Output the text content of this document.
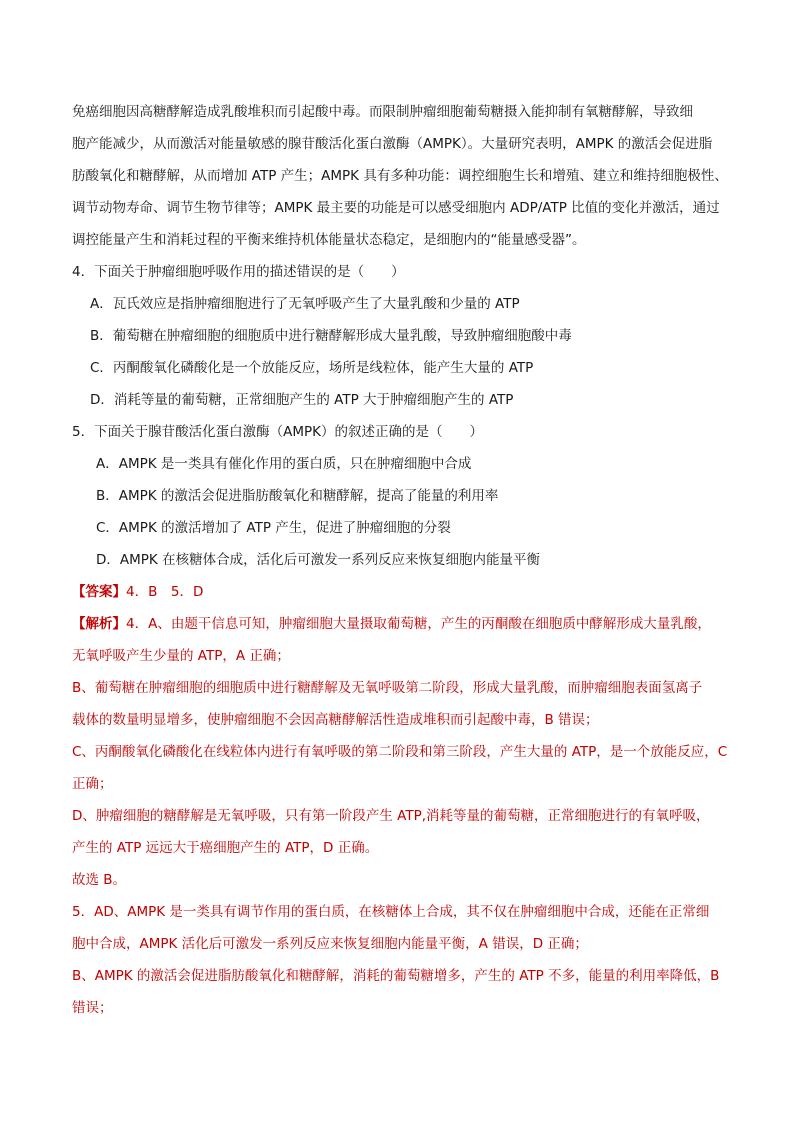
免癌细胞因高糖酵解造成乳酸堆积而引起酸中毒。而限制肿瘤细胞葡萄糖摄入能抑制有氧糖酵解，导致细
胞产能减少，从而激活对能量敏感的腺苷酸活化蛋白激酶（AMPK）。大量研究表明，AMPK 的激活会促进脂
肪酸氧化和糖酵解，从而增加 ATP 产生；AMPK 具有多种功能：调控细胞生长和增殖、建立和维持细胞极性、
调节动物寿命、调节生物节律等；AMPK 最主要的功能是可以感受细胞内 ADP/ATP 比值的变化并激活，通过
调控能量产生和消耗过程的平衡来维持机体能量状态稳定，是细胞内的“能量感受器”。
4．下面关于肿瘤细胞呼吸作用的描述错误的是（　　）
A．瓦氏效应是指肿瘤细胞进行了无氧呼吸产生了大量乳酸和少量的 ATP
B．葡萄糖在肿瘤细胞的细胞质中进行糖酵解形成大量乳酸，导致肿瘤细胞酸中毒
C．丙酮酸氧化磷酸化是一个放能反应，场所是线粒体，能产生大量的 ATP
D．消耗等量的葡萄糖，正常细胞产生的 ATP 大于肿瘤细胞产生的 ATP
5．下面关于腺苷酸活化蛋白激酶（AMPK）的叙述正确的是（　　）
A．AMPK 是一类具有催化作用的蛋白质，只在肿瘤细胞中合成
B．AMPK 的激活会促进脂肪酸氧化和糖酵解，提高了能量的利用率
C．AMPK 的激活增加了 ATP 产生，促进了肿瘤细胞的分裂
D．AMPK 在核糖体合成，活化后可激发一系列反应来恢复细胞内能量平衡
【答案】4．B　5．D
【解析】4．A、由题干信息可知，肿瘤细胞大量摄取葡萄糖，产生的丙酮酸在细胞质中酵解形成大量乳酸，
无氧呼吸产生少量的 ATP，A 正确；
B、葡萄糖在肿瘤细胞的细胞质中进行糖酵解及无氧呼吸第二阶段，形成大量乳酸，而肿瘤细胞表面氢离子
载体的数量明显增多，使肿瘤细胞不会因高糖酵解活性造成堆积而引起酸中毒，B 错误；
C、丙酮酸氧化磷酸化在线粒体内进行有氧呼吸的第二阶段和第三阶段，产生大量的 ATP，是一个放能反应，C
正确；
D、肿瘤细胞的糖酵解是无氧呼吸，只有第一阶段产生 ATP,消耗等量的葡萄糖，正常细胞进行的有氧呼吸，
产生的 ATP 远远大于癌细胞产生的 ATP，D 正确。
故选 B。
5．AD、AMPK 是一类具有调节作用的蛋白质，在核糖体上合成，其不仅在肿瘤细胞中合成，还能在正常细
胞中合成，AMPK 活化后可激发一系列反应来恢复细胞内能量平衡，A 错误，D 正确；
B、AMPK 的激活会促进脂肪酸氧化和糖酵解，消耗的葡萄糖增多，产生的 ATP 不多，能量的利用率降低，B
错误；
